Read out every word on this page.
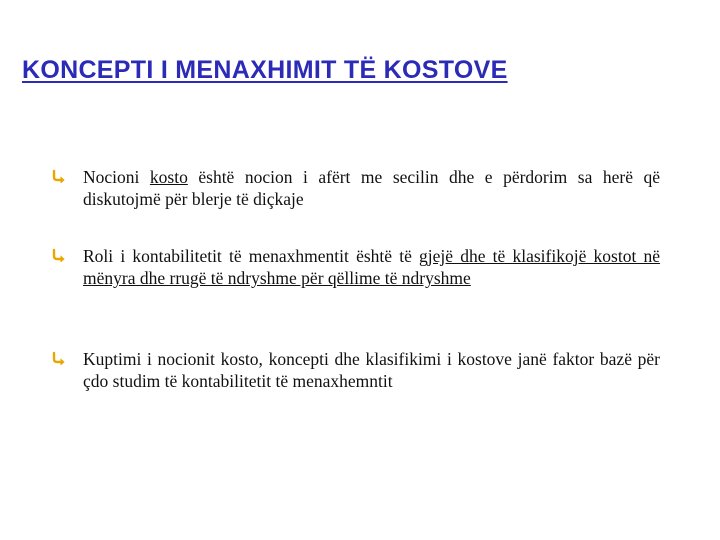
KONCEPTI I MENAXHIMIT TË KOSTOVE
Nocioni kosto është nocion i afërt me secilin dhe e përdorim sa herë që diskutojmë për blerje të diçkaje
Roli i kontabilitetit të menaxhmentit është të gjejë dhe të klasifikojë kostot në mënyra dhe rrugë të ndryshme për qëllime të ndryshme
Kuptimi i nocionit kosto, koncepti dhe klasifikimi i kostove janë faktor bazë për çdo studim të kontabilitetit të menaxhemntit
